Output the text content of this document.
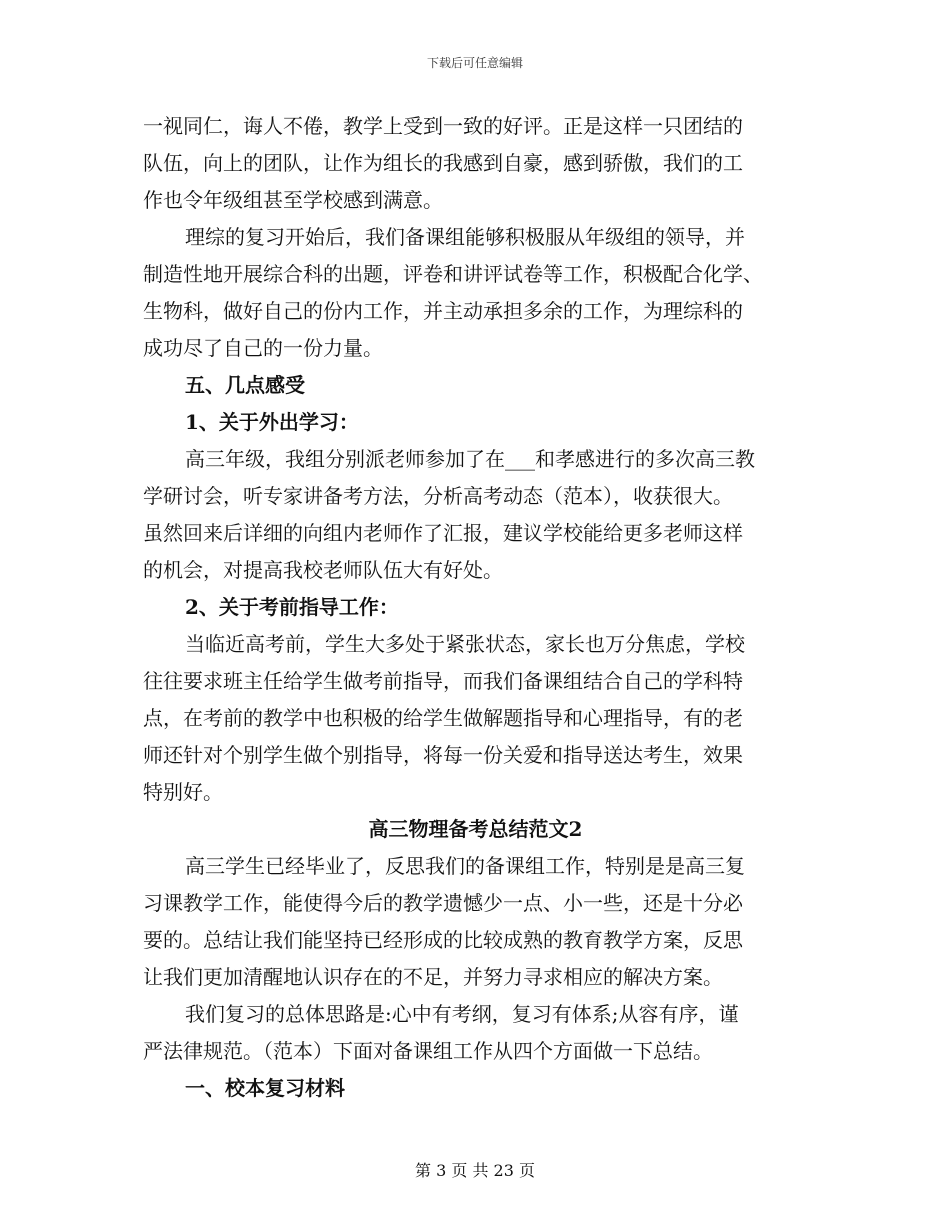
下载后可任意编辑
一视同仁，诲人不倦，教学上受到一致的好评。正是这样一只团结的
队伍，向上的团队，让作为组长的我感到自豪，感到骄傲，我们的工
作也令年级组甚至学校感到满意。
理综的复习开始后，我们备课组能够积极服从年级组的领导，并
制造性地开展综合科的出题，评卷和讲评试卷等工作，积极配合化学、
生物科，做好自己的份内工作，并主动承担多余的工作，为理综科的
成功尽了自己的一份力量。
五、几点感受
1、关于外出学习：
高三年级，我组分别派老师参加了在___和孝感进行的多次高三教
学研讨会，听专家讲备考方法，分析高考动态（范本），收获很大。
虽然回来后详细的向组内老师作了汇报，建议学校能给更多老师这样
的机会，对提高我校老师队伍大有好处。
2、关于考前指导工作：
当临近高考前，学生大多处于紧张状态，家长也万分焦虑，学校
往往要求班主任给学生做考前指导，而我们备课组结合自己的学科特
点，在考前的教学中也积极的给学生做解题指导和心理指导，有的老
师还针对个别学生做个别指导，将每一份关爱和指导送达考生，效果
特别好。
高三物理备考总结范文2
高三学生已经毕业了，反思我们的备课组工作，特别是是高三复
习课教学工作，能使得今后的教学遗憾少一点、小一些，还是十分必
要的。总结让我们能坚持已经形成的比较成熟的教育教学方案，反思
让我们更加清醒地认识存在的不足，并努力寻求相应的解决方案。
我们复习的总体思路是:心中有考纲，复习有体系;从容有序，谨
严法律规范。（范本）下面对备课组工作从四个方面做一下总结。
一、校本复习材料
第 3 页 共 23 页
